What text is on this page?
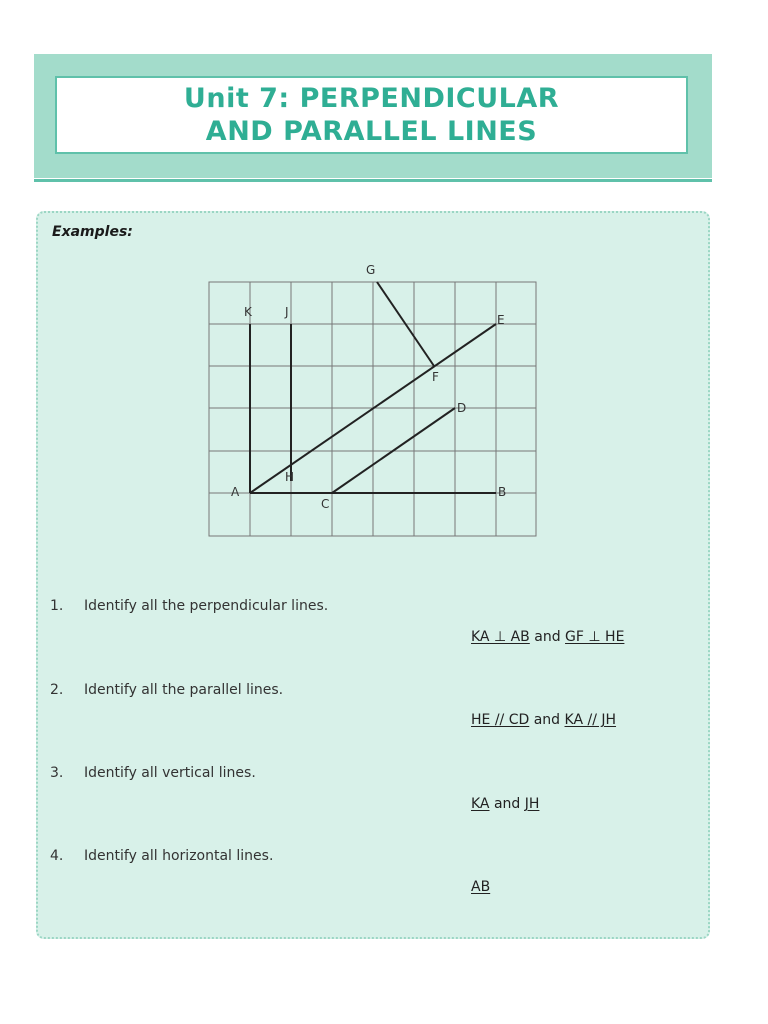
Unit 7: PERPENDICULAR
AND PARALLEL LINES
Examples:
G
K	J
E
F
D
H
A
C
B
1. Identify all the perpendicular lines.
KA ⊥ AB and GF ⊥ HE
2. Identify all the parallel lines.
HE // CD and KA // JH
3. Identify all vertical lines.
KA and JH
4. Identify all horizontal lines.
AB
